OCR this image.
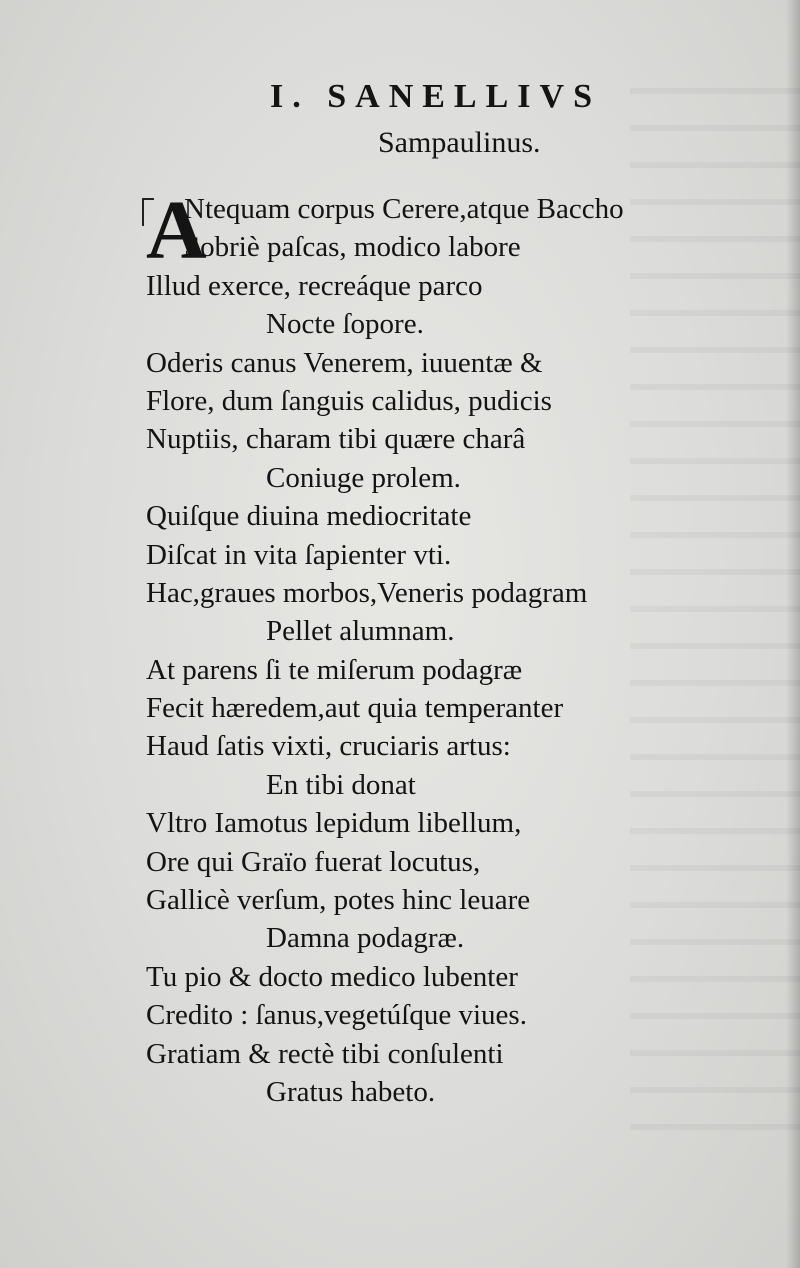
I. SANELLIVS
Sampaulinus.
A
Ntequam corpus Cerere,atque Baccho
Sobriè paſcas, modico labore
Illud exerce, recreáque parco
Nocte ſopore.
Oderis canus Venerem, iuuentæ &
Flore, dum ſanguis calidus, pudicis
Nuptiis, charam tibi quære charâ
Coniuge prolem.
Quiſque diuina mediocritate
Diſcat in vita ſapienter vti.
Hac,graues morbos,Veneris podagram
Pellet alumnam.
At parens ſi te miſerum podagræ
Fecit hæredem,aut quia temperanter
Haud ſatis vixti, cruciaris artus:
En tibi donat
Vltro Iamotus lepidum libellum,
Ore qui Graïo fuerat locutus,
Gallicè verſum, potes hinc leuare
Damna podagræ.
Tu pio & docto medico lubenter
Credito : ſanus,vegetúſque viues.
Gratiam & rectè tibi conſulenti
Gratus habeto.
